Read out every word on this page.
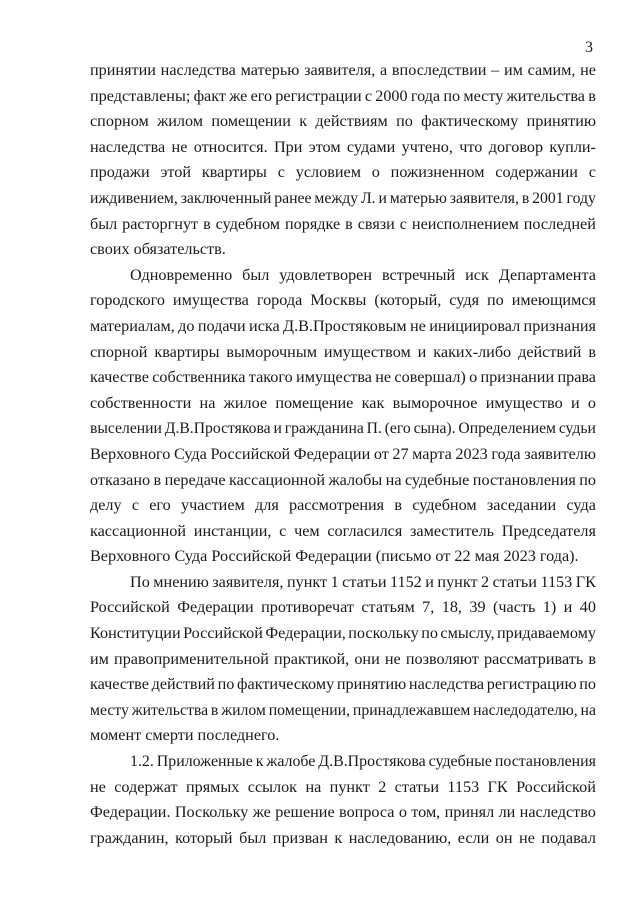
3
принятии наследства матерью заявителя, а впоследствии – им самим, не
представлены; факт же его регистрации с 2000 года по месту жительства в
спорном жилом помещении к действиям по фактическому принятию
наследства не относится. При этом судами учтено, что договор купли-
продажи этой квартиры с условием о пожизненном содержании с
иждивением, заключенный ранее между Л. и матерью заявителя, в 2001 году
был расторгнут в судебном порядке в связи с неисполнением последней
своих обязательств.
Одновременно был удовлетворен встречный иск Департамента
городского имущества города Москвы (который, судя по имеющимся
материалам, до подачи иска Д.В.Простяковым не инициировал признания
спорной квартиры выморочным имуществом и каких-либо действий в
качестве собственника такого имущества не совершал) о признании права
собственности на жилое помещение как выморочное имущество и о
выселении Д.В.Простякова и гражданина П. (его сына). Определением судьи
Верховного Суда Российской Федерации от 27 марта 2023 года заявителю
отказано в передаче кассационной жалобы на судебные постановления по
делу с его участием для рассмотрения в судебном заседании суда
кассационной инстанции, с чем согласился заместитель Председателя
Верховного Суда Российской Федерации (письмо от 22 мая 2023 года).
По мнению заявителя, пункт 1 статьи 1152 и пункт 2 статьи 1153 ГК
Российской Федерации противоречат статьям 7, 18, 39 (часть 1) и 40
Конституции Российской Федерации, поскольку по смыслу, придаваемому
им правоприменительной практикой, они не позволяют рассматривать в
качестве действий по фактическому принятию наследства регистрацию по
месту жительства в жилом помещении, принадлежавшем наследодателю, на
момент смерти последнего.
1.2. Приложенные к жалобе Д.В.Простякова судебные постановления
не содержат прямых ссылок на пункт 2 статьи 1153 ГК Российской
Федерации. Поскольку же решение вопроса о том, принял ли наследство
гражданин, который был призван к наследованию, если он не подавал
